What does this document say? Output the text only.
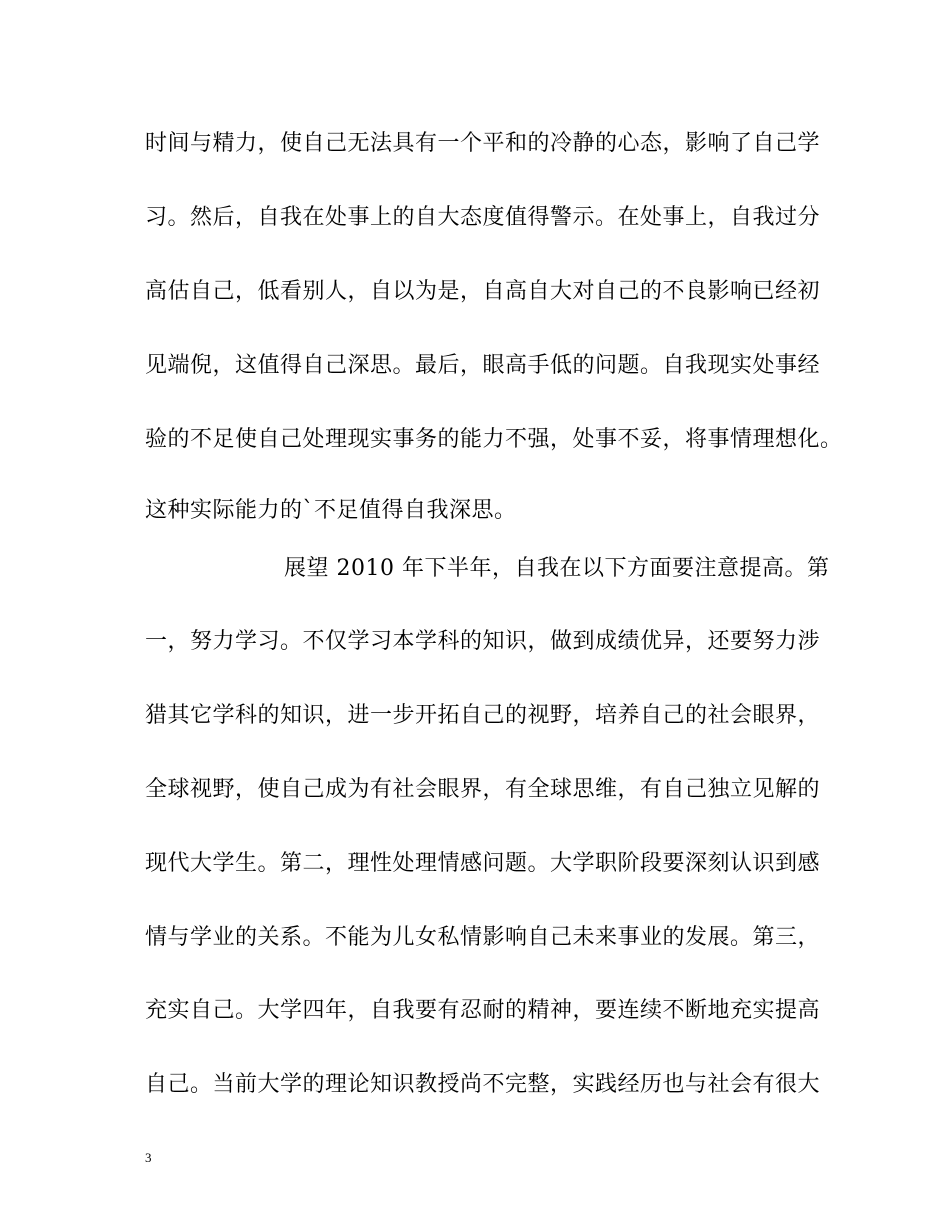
时间与精力，使自己无法具有一个平和的冷静的心态，影响了自己学
习。然后，自我在处事上的自大态度值得警示。在处事上，自我过分
高估自己，低看别人，自以为是，自高自大对自己的不良影响已经初
见端倪，这值得自己深思。最后，眼高手低的问题。自我现实处事经
验的不足使自己处理现实事务的能力不强，处事不妥，将事情理想化。
这种实际能力的`不足值得自我深思。
展望 2010 年下半年，自我在以下方面要注意提高。第
一，努力学习。不仅学习本学科的知识，做到成绩优异，还要努力涉
猎其它学科的知识，进一步开拓自己的视野，培养自己的社会眼界，
全球视野，使自己成为有社会眼界，有全球思维，有自己独立见解的
现代大学生。第二，理性处理情感问题。大学职阶段要深刻认识到感
情与学业的关系。不能为儿女私情影响自己未来事业的发展。第三，
充实自己。大学四年，自我要有忍耐的精神，要连续不断地充实提高
自己。当前大学的理论知识教授尚不完整，实践经历也与社会有很大
3
